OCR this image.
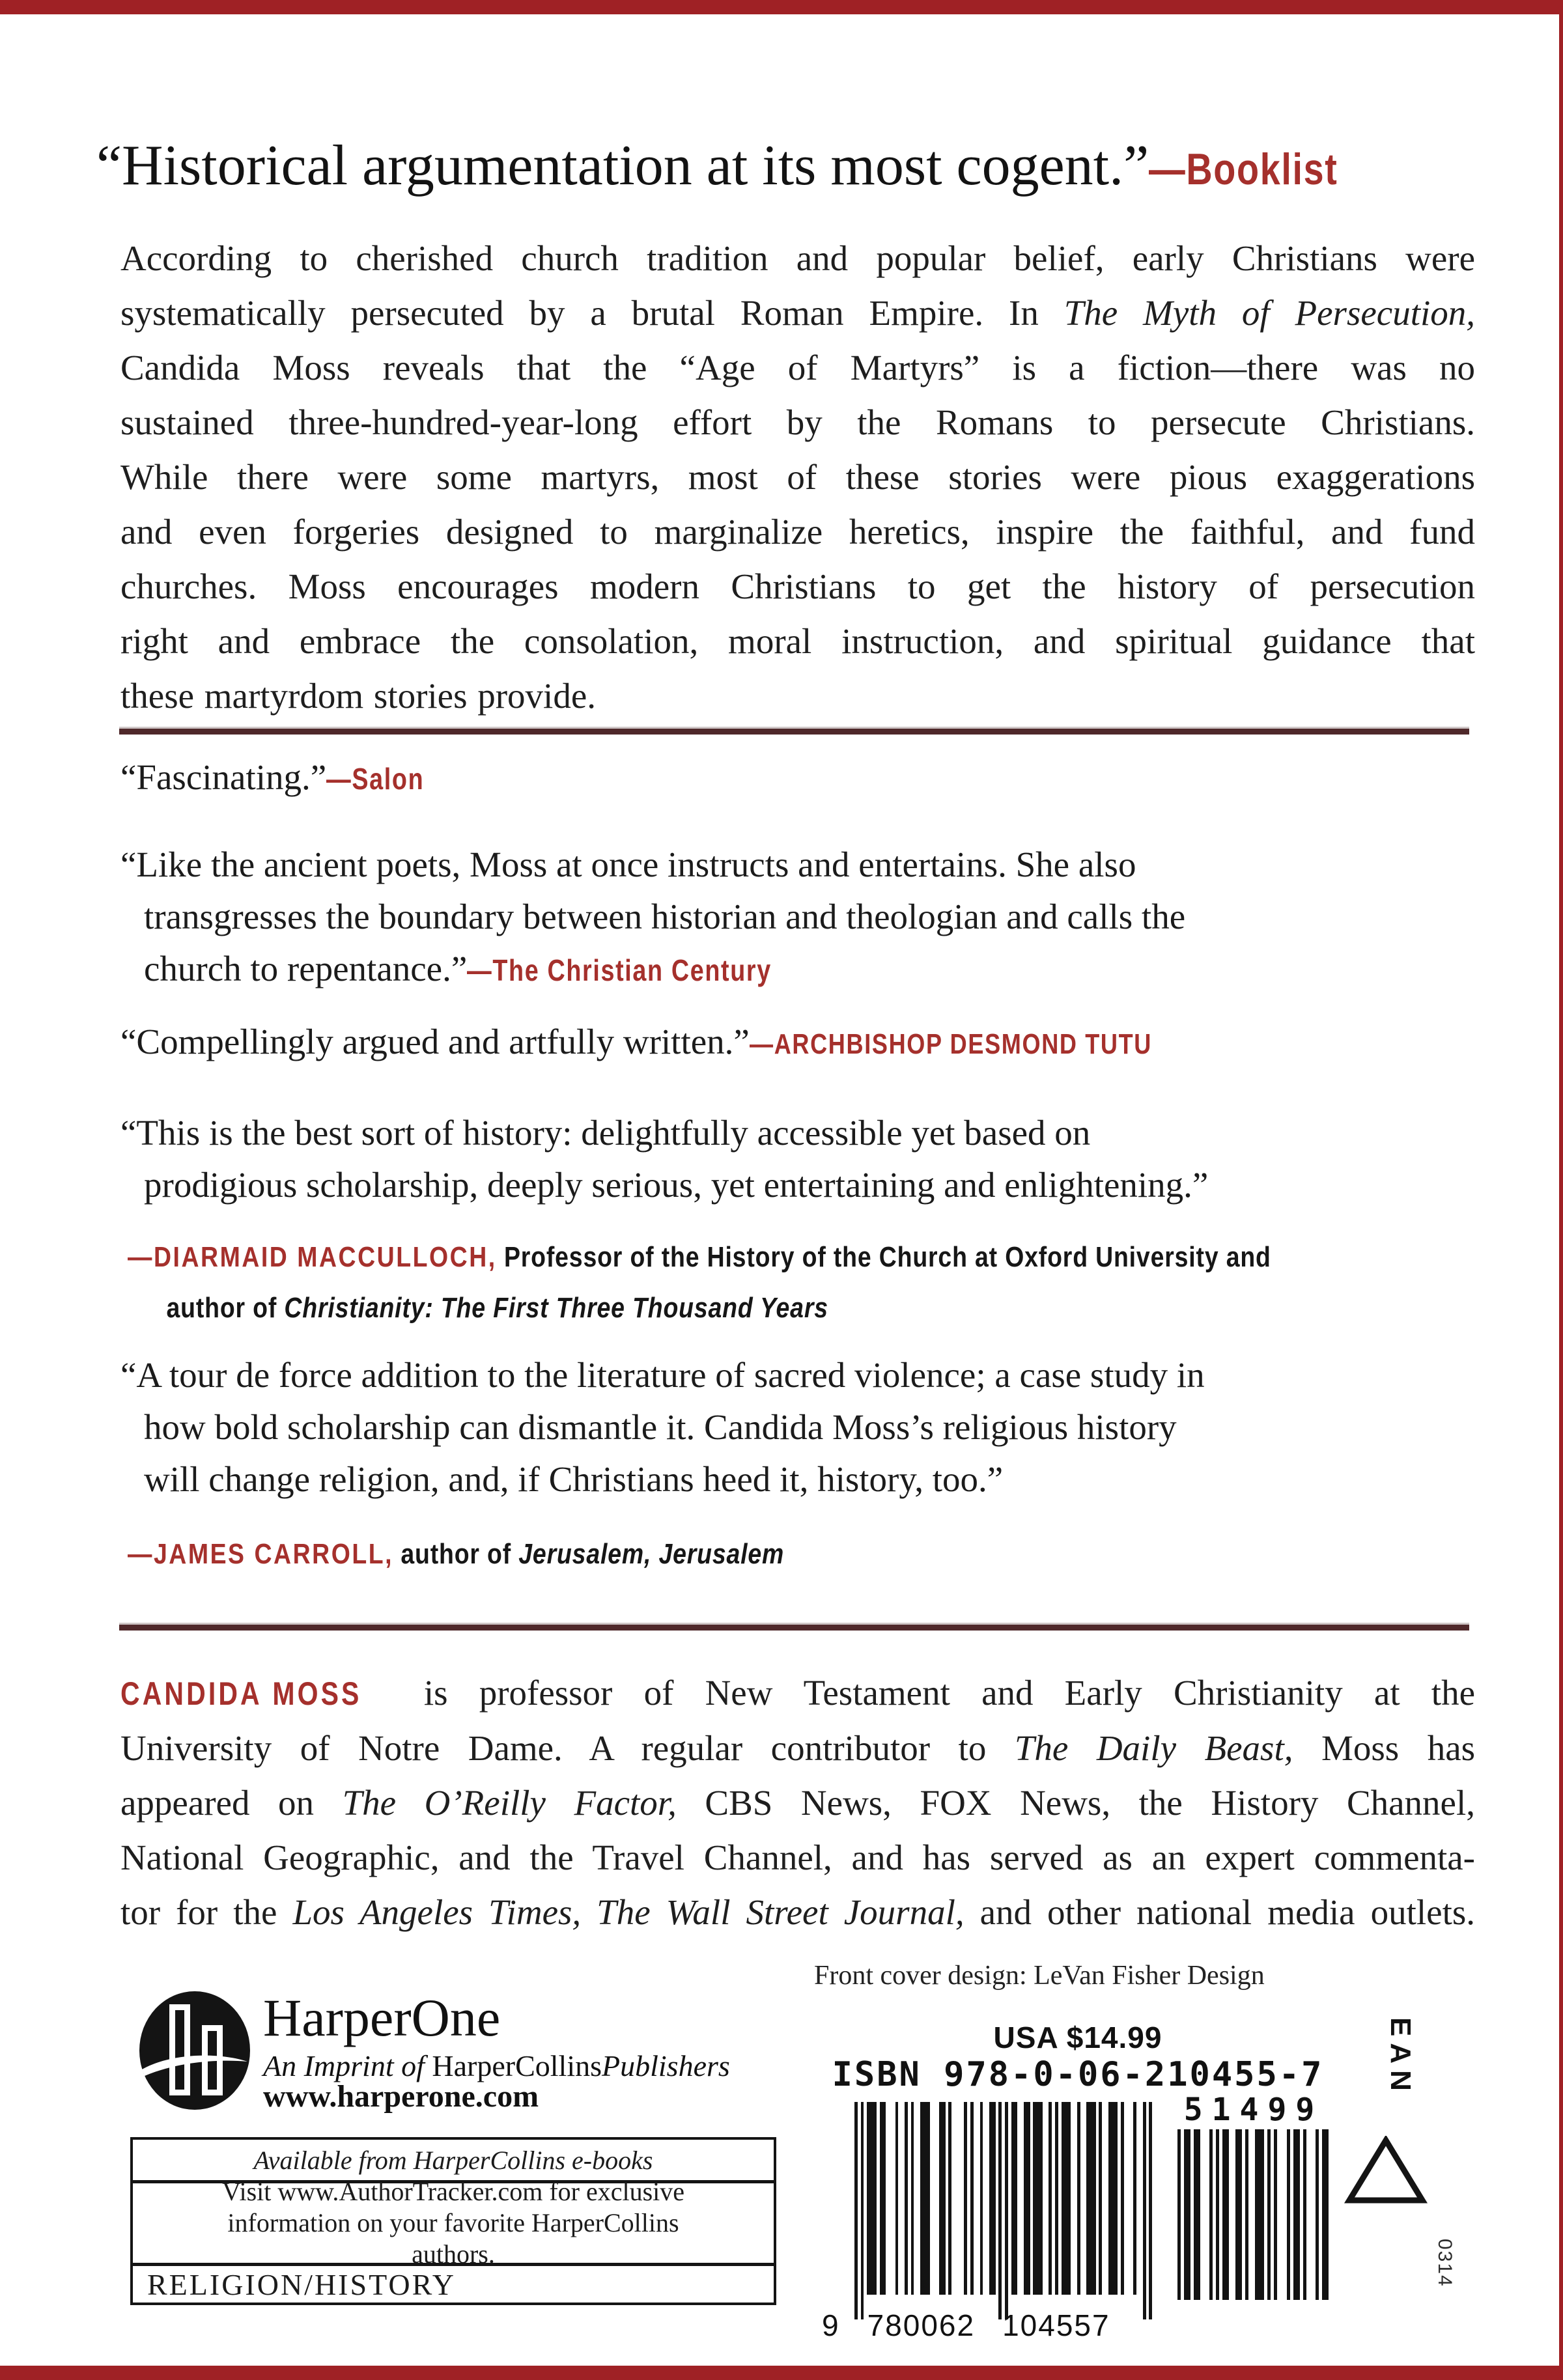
“Historical argumentation at its most cogent.”—Booklist
According to cherished church tradition and popular belief, early Christians were
systematically persecuted by a brutal Roman Empire. In The Myth of Persecution,
Candida Moss reveals that the “Age of Martyrs” is a fiction—there was no
sustained three-hundred-year-long effort by the Romans to persecute Christians.
While there were some martyrs, most of these stories were pious exaggerations
and even forgeries designed to marginalize heretics, inspire the faithful, and fund
churches. Moss encourages modern Christians to get the history of persecution
right and embrace the consolation, moral instruction, and spiritual guidance that
these martyrdom stories provide.
“Fascinating.”—Salon
“Like the ancient poets, Moss at once instructs and entertains. She also
transgresses the boundary between historian and theologian and calls the
church to repentance.”—The Christian Century
“Compellingly argued and artfully written.”—ARCHBISHOP DESMOND TUTU
“This is the best sort of history: delightfully accessible yet based on
prodigious scholarship, deeply serious, yet entertaining and enlightening.”
—DIARMAID MACCULLOCH, Professor of the History of the Church at Oxford University and
author of Christianity: The First Three Thousand Years
“A tour de force addition to the literature of sacred violence; a case study in
how bold scholarship can dismantle it. Candida Moss’s religious history
will change religion, and, if Christians heed it, history, too.”
—JAMES CARROLL, author of Jerusalem, Jerusalem
CANDIDA MOSS is professor of New Testament and Early Christianity at the
University of Notre Dame. A regular contributor to The Daily Beast, Moss has
appeared on The O’Reilly Factor, CBS News, FOX News, the History Channel,
National Geographic, and the Travel Channel, and has served as an expert commenta-
tor for the Los Angeles Times, The Wall Street Journal, and other national media outlets.
Front cover design: LeVan Fisher Design
HarperOne
An Imprint of HarperCollinsPublishers
www.harperone.com
Available from HarperCollins e-books
Visit www.AuthorTracker.com for exclusive information on your favorite HarperCollins authors.
RELIGION/HISTORY
USA $14.99
ISBN 978-0-06-210455-7
51499
9 780062 104557
EAN
0314
